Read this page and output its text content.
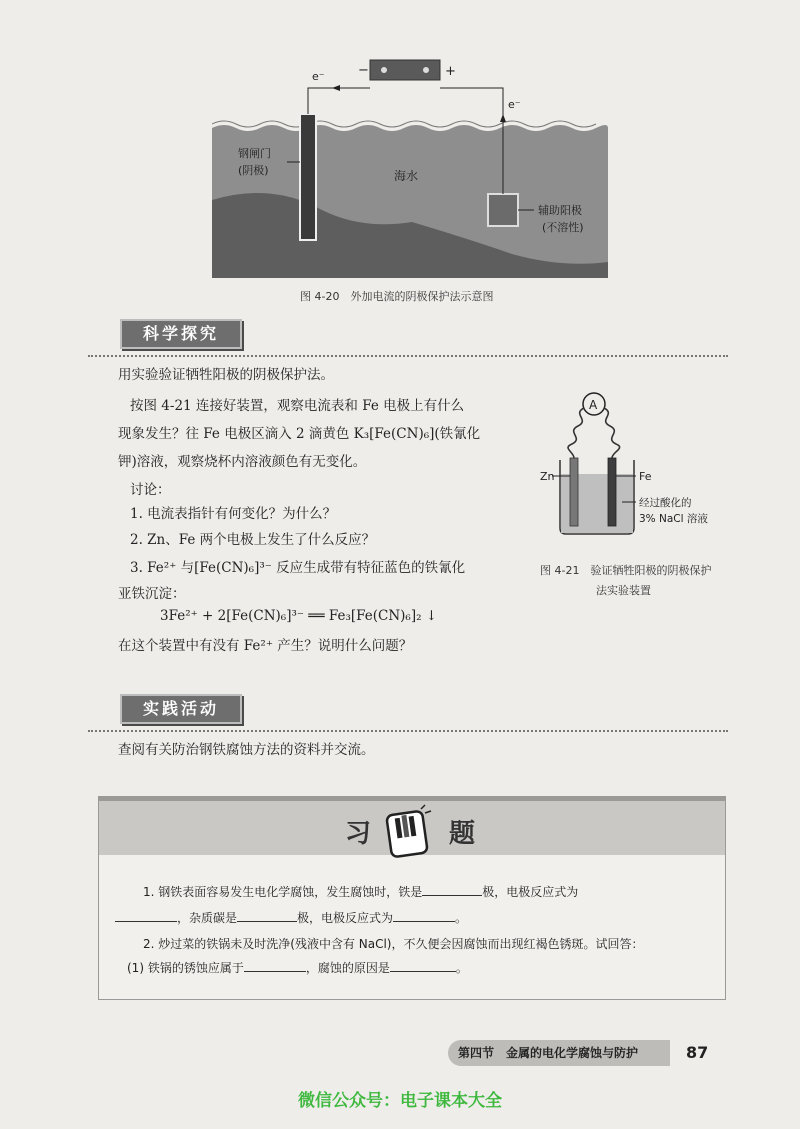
e⁻
e⁻
−	+
钢闸门
(阴极)	海水
辅助阳极
(不溶性)
图 4-20　外加电流的阴极保护法示意图
科学探究
用实验验证牺牲阳极的阴极保护法。
按图 4-21 连接好装置，观察电流表和 Fe 电极上有什么
现象发生？往 Fe 电极区滴入 2 滴黄色 K₃[Fe(CN)₆](铁氰化
钾)溶液，观察烧杯内溶液颜色有无变化。
讨论：
1. 电流表指针有何变化？为什么？
2. Zn、Fe 两个电极上发生了什么反应？
3. Fe²⁺ 与[Fe(CN)₆]³⁻ 反应生成带有特征蓝色的铁氰化
亚铁沉淀：
3Fe²⁺ + 2[Fe(CN)₆]³⁻ ══ Fe₃[Fe(CN)₆]₂ ↓
在这个装置中有没有 Fe²⁺ 产生？说明什么问题？
A
Zn	Fe
经过酸化的
3% NaCl 溶液
图 4-21　验证牺牲阳极的阴极保护
法实验装置
实践活动
查阅有关防治钢铁腐蚀方法的资料并交流。
习	题
1. 钢铁表面容易发生电化学腐蚀，发生腐蚀时，铁是	极，电极反应式为
，杂质碳是	极，电极反应式为	。
2. 炒过菜的铁锅未及时洗净(残液中含有 NaCl)，不久便会因腐蚀而出现红褐色锈斑。试回答：
(1) 铁锅的锈蚀应属于	，腐蚀的原因是	。
第四节　金属的电化学腐蚀与防护	87
微信公众号：电子课本大全
